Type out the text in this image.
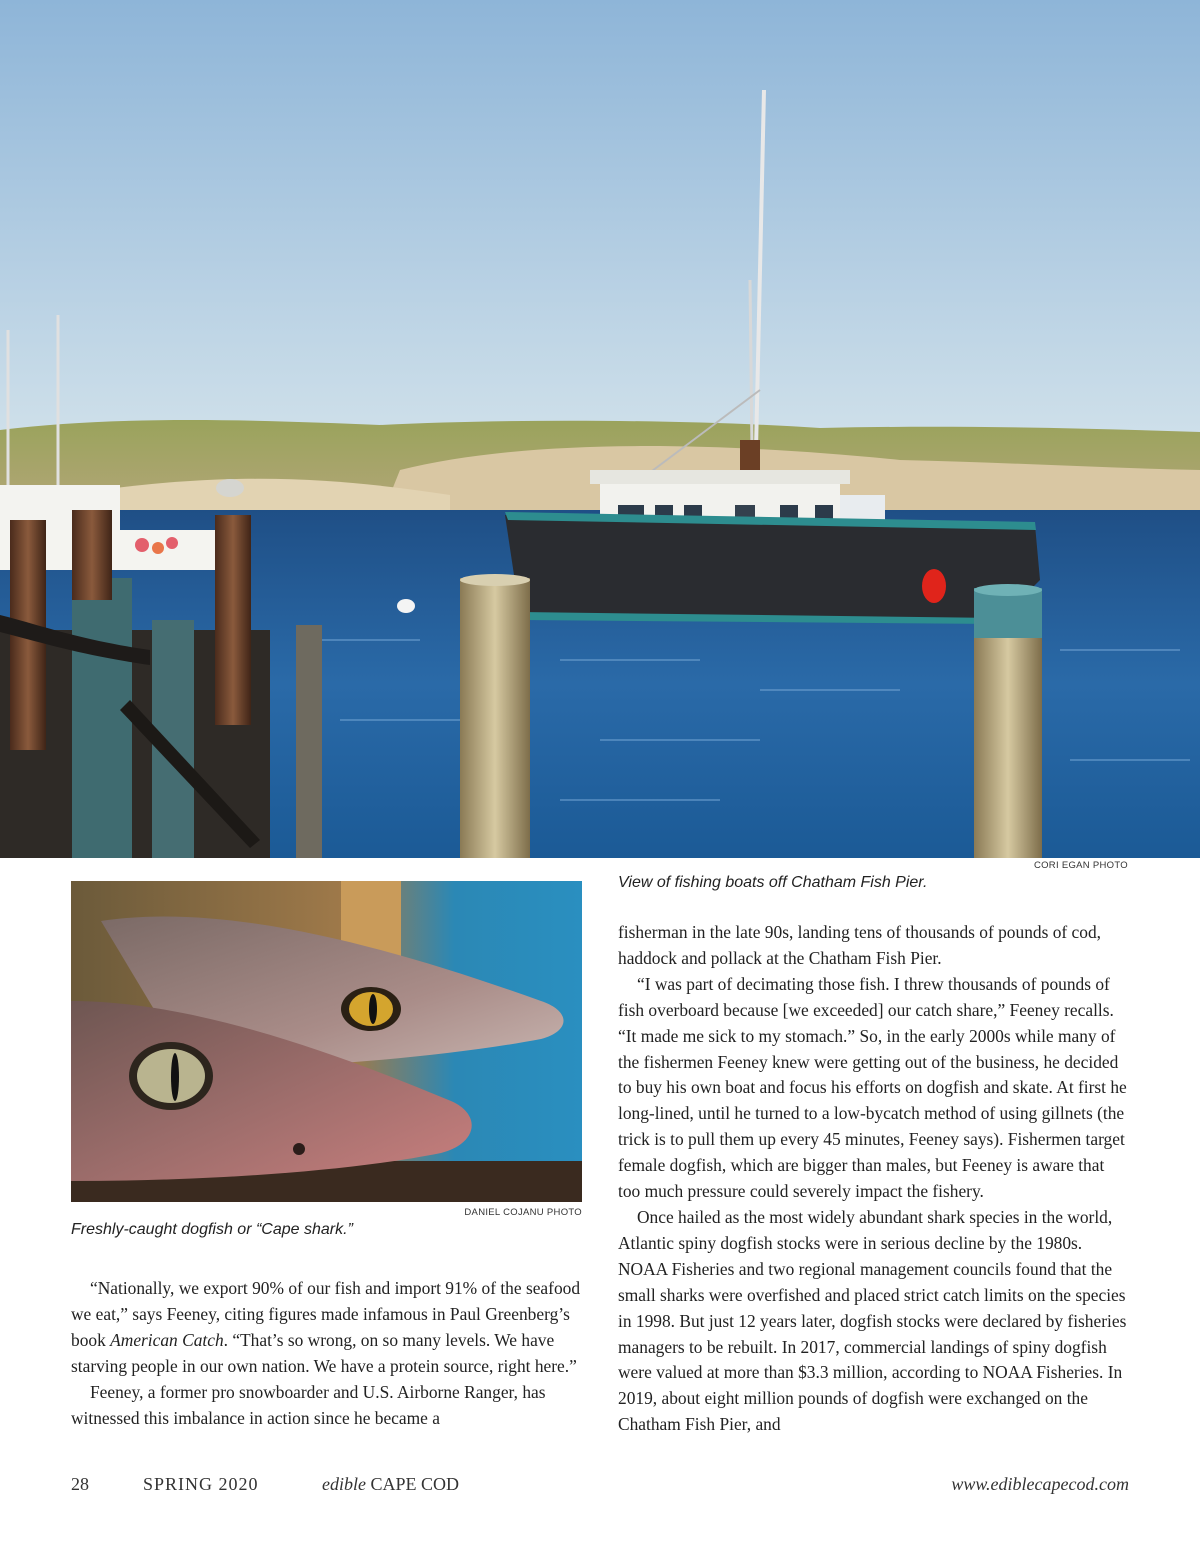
CORI EGAN PHOTO
View of fishing boats off Chatham Fish Pier.
DANIEL COJANU PHOTO
Freshly-caught dogfish or “Cape shark.”

“Nationally, we export 90% of our fish and import 91% of the seafood we eat,” says Feeney, citing figures made infamous in Paul Greenberg’s book American Catch. “That’s so wrong, on so many levels. We have starving people in our own nation. We have a protein source, right here.”

Feeney, a former pro snowboarder and U.S. Airborne Ranger, has witnessed this imbalance in action since he became a

fisherman in the late 90s, landing tens of thousands of pounds of cod, haddock and pollack at the Chatham Fish Pier.

“I was part of decimating those fish. I threw thousands of pounds of fish overboard because [we exceeded] our catch share,” Feeney recalls. “It made me sick to my stomach.” So, in the early 2000s while many of the fishermen Feeney knew were getting out of the business, he decided to buy his own boat and focus his efforts on dogfish and skate. At first he long-lined, until he turned to a low-bycatch method of using gillnets (the trick is to pull them up every 45 minutes, Feeney says). Fishermen target female dogfish, which are bigger than males, but Feeney is aware that too much pressure could severely impact the fishery.

Once hailed as the most widely abundant shark species in the world, Atlantic spiny dogfish stocks were in serious decline by the 1980s. NOAA Fisheries and two regional management councils found that the small sharks were overfished and placed strict catch limits on the species in 1998. But just 12 years later, dogfish stocks were declared by fisheries managers to be rebuilt. In 2017, commercial landings of spiny dogfish were valued at more than $3.3 million, according to NOAA Fisheries. In 2019, about eight million pounds of dogfish were exchanged on the Chatham Fish Pier, and

28	SPRING 2020	edible CAPE COD	www.ediblecapecod.com
